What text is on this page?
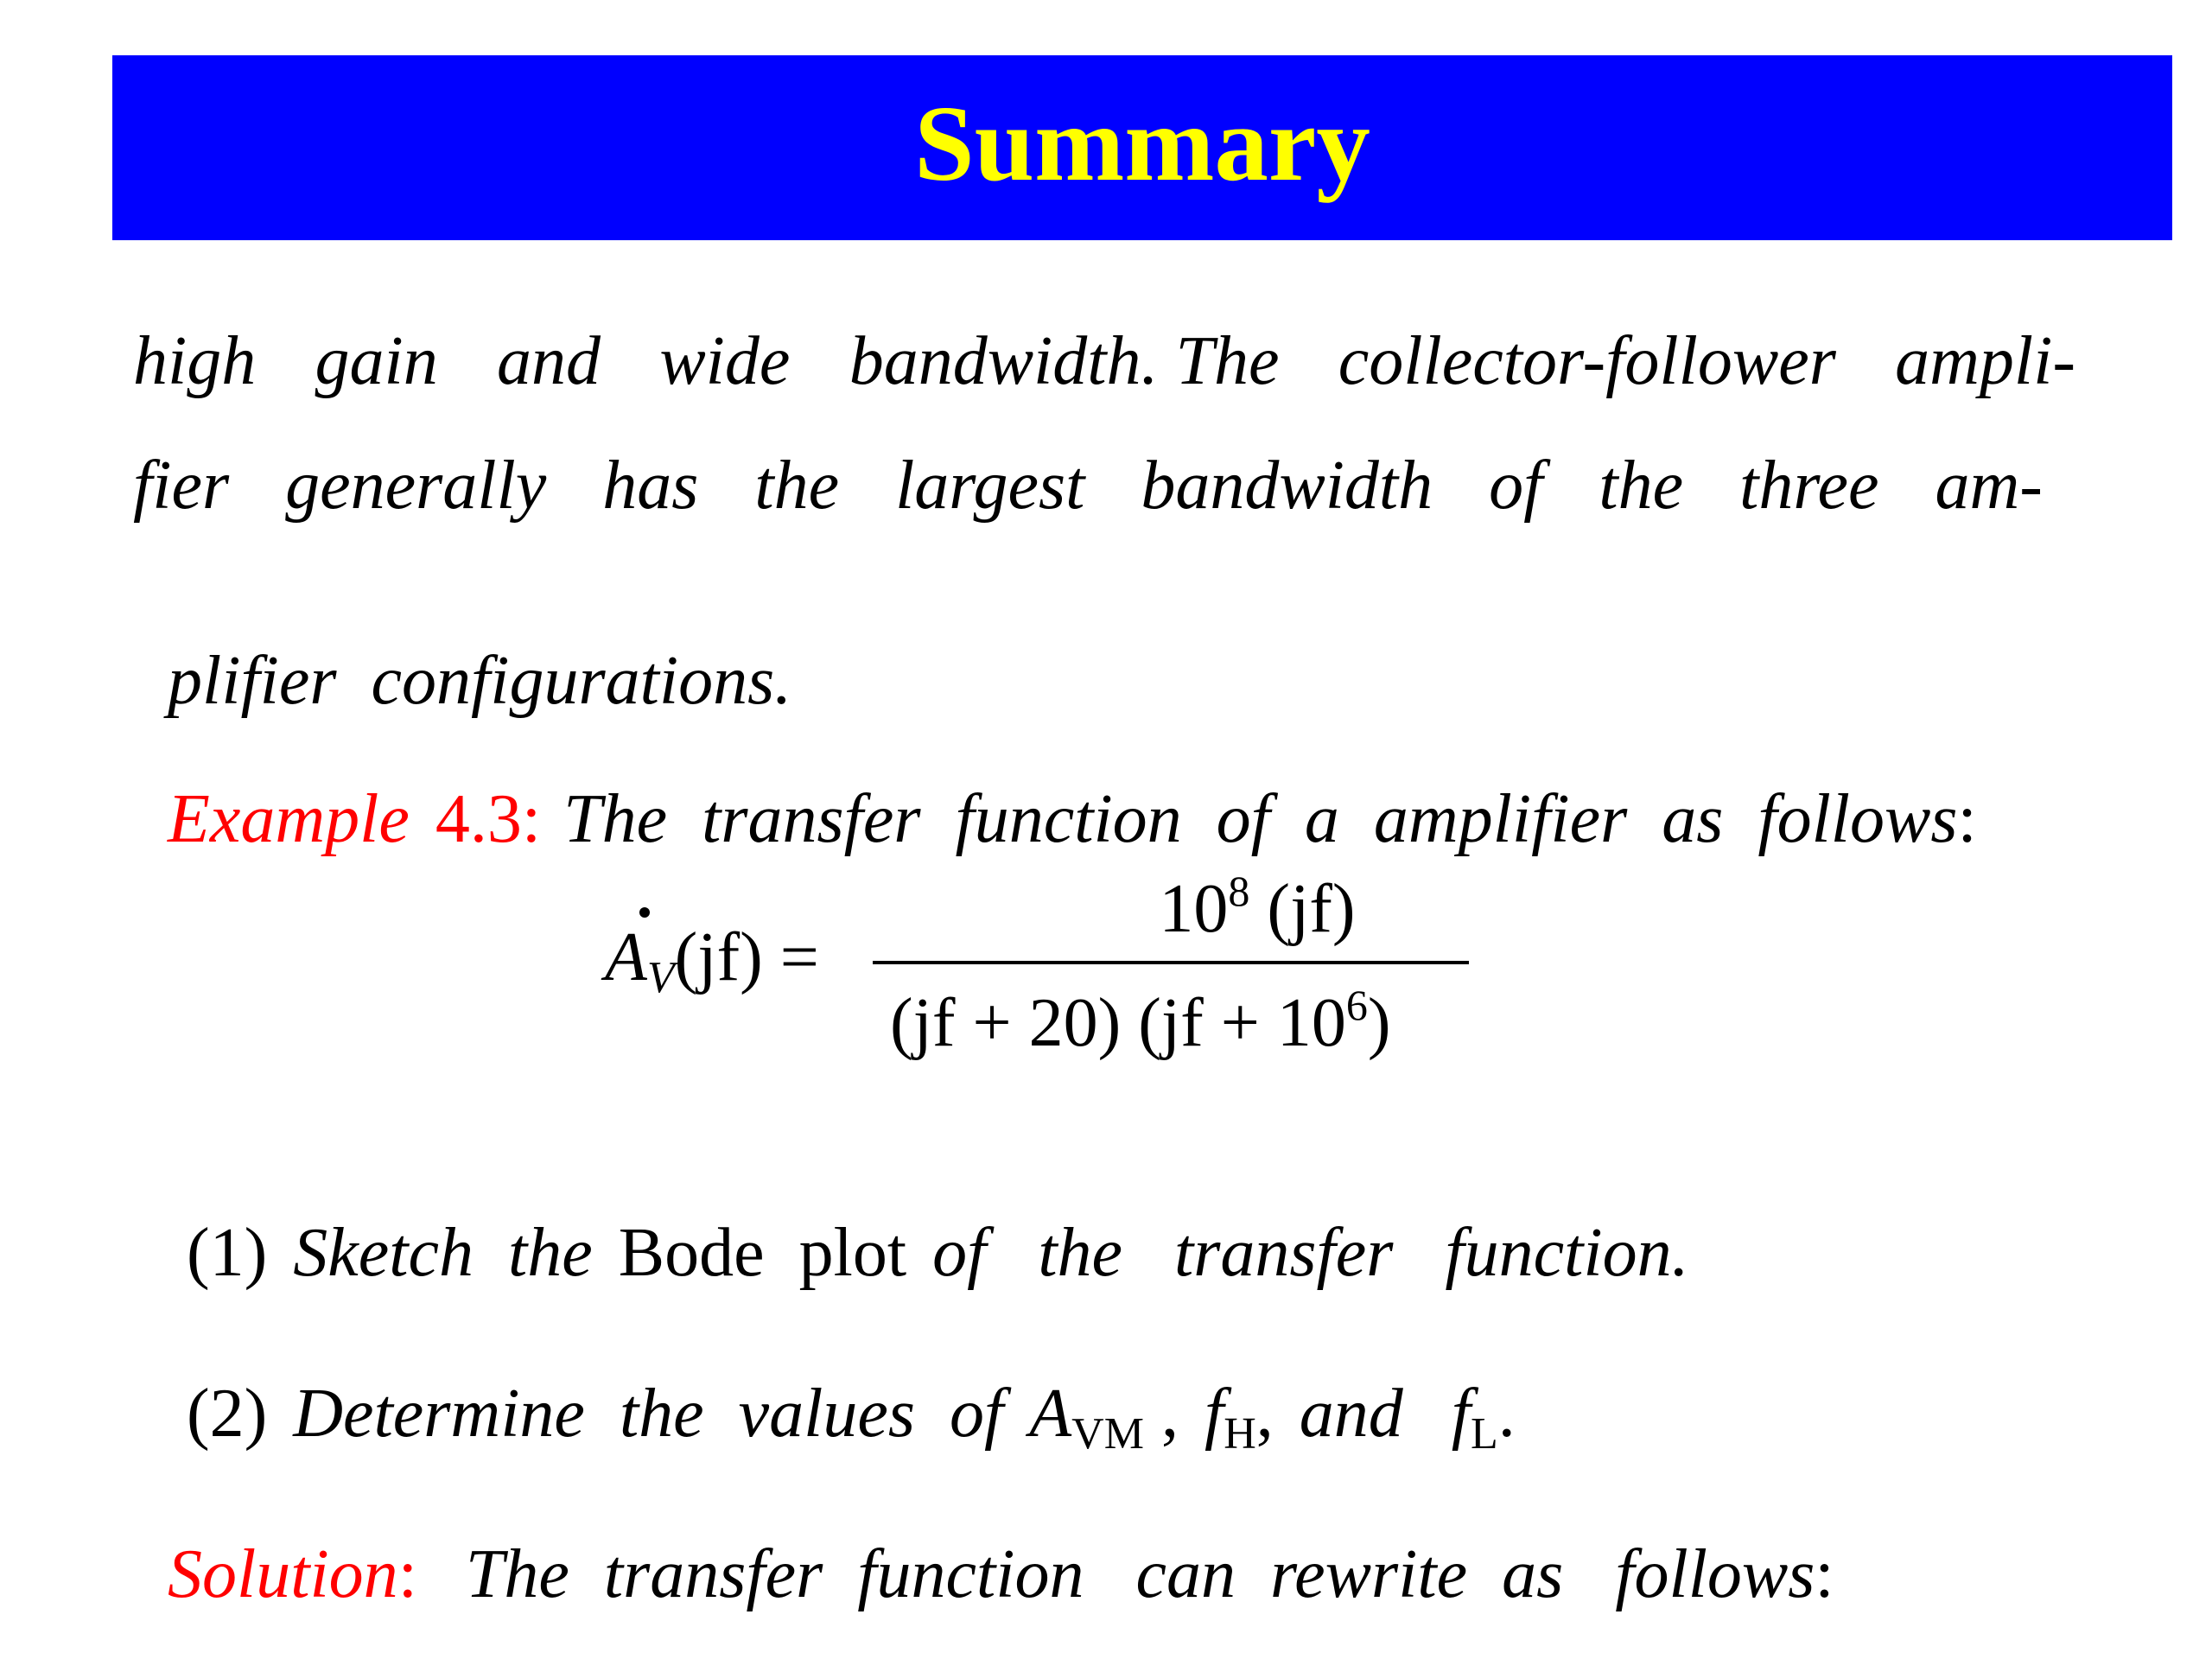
Summary
high gain and wide bandwidth. The collector-follower ampli-
fier generally has the largest bandwidth of the three am-

plifier  configurations.

Example 4.3: The  transfer  function  of  a  amplifier  as  follows:

$A_V(jf)$ =
$10^8$ (jf)
(jf + 20) $(jf + 10^6)$

(1) Sketch  the Bode  plot of   the   transfer   function.

(2) Determine  the  values  of $A_{VM}$ , $f_H$, and $f_L$.

Solution: The  transfer  function   can  rewrite  as   follows:
